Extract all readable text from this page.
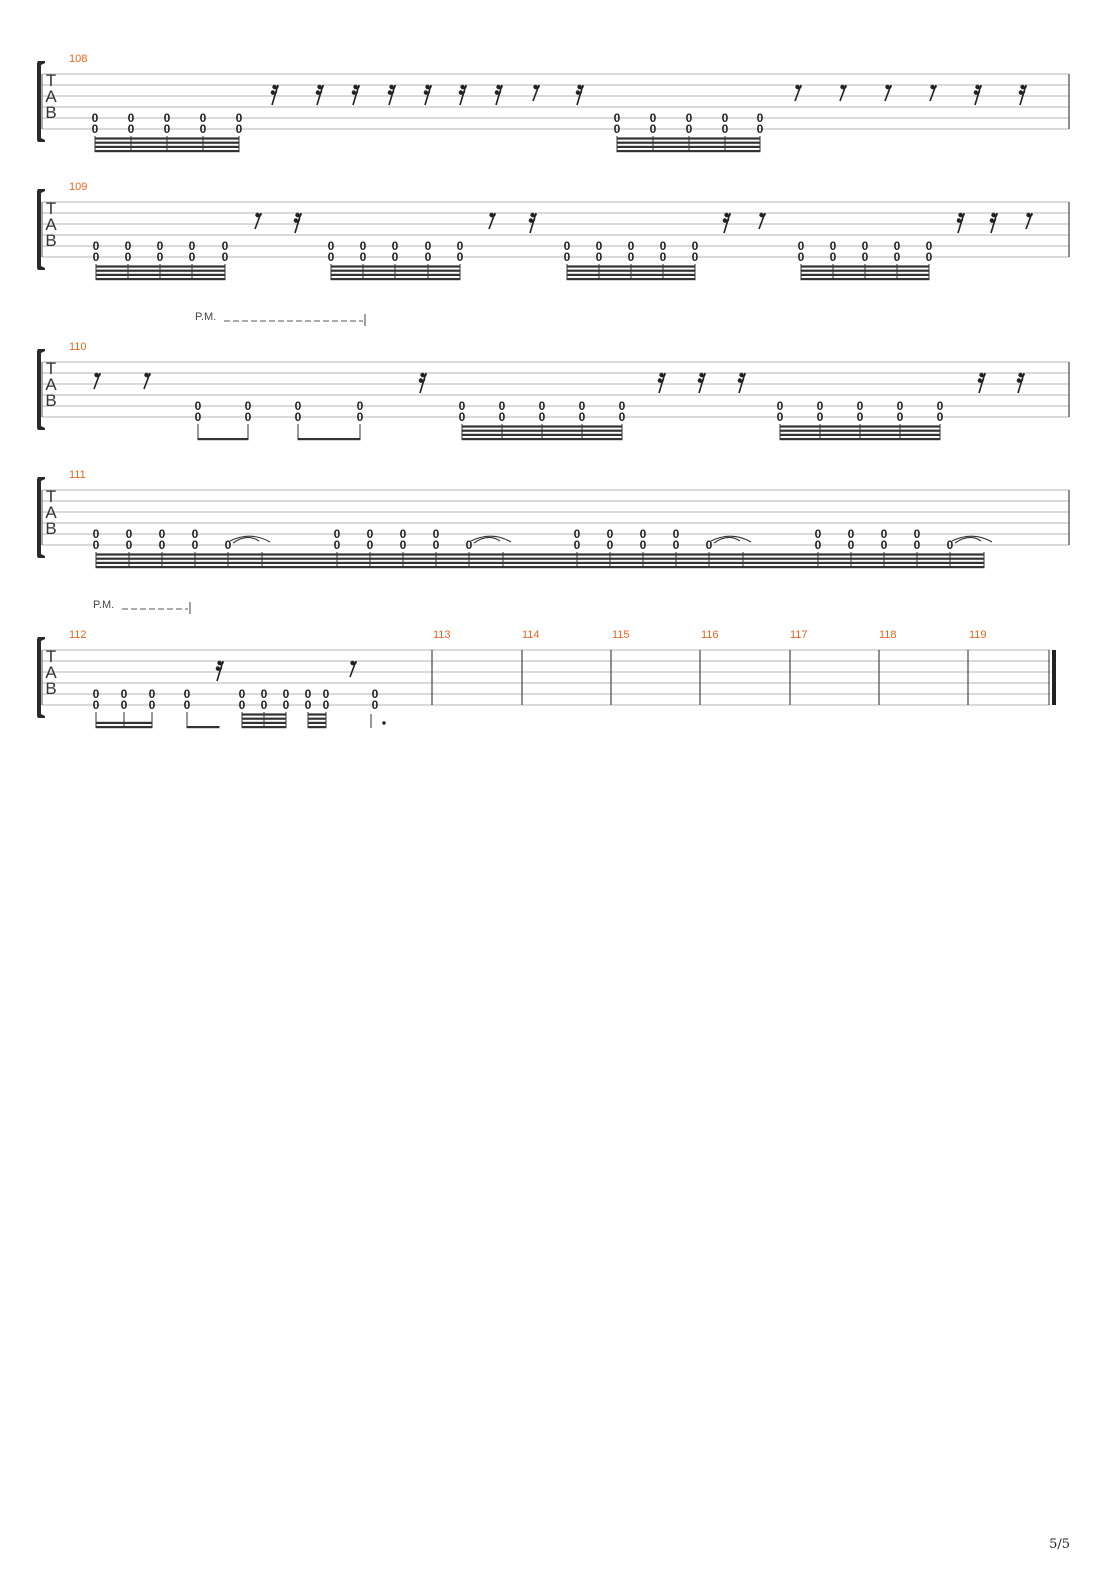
T
A
B
108
0
0
0
0
0
0
0
0
0
0
0
0
0
0
0
0
0
0
0
0
T
A
B
109
0
0
0
0
0
0
0
0
0
0
0
0
0
0
0
0
0
0
0
0
0
0
0
0
0
0
0
0
0
0
0
0
0
0
0
0
0
0
0
0
T
A
B
110
P.M.
0
0
0
0
0
0
0
0
0
0
0
0
0
0
0
0
0
0
0
0
0
0
0
0
0
0
0
0
T
A
B
111
0
0
0
0
0
0
0
0 0
0
0
0
0
0
0
0
0 0
0
0
0
0
0
0
0
0 0
0
0
0
0
0
0
0
0 0
T
A
B
112	113	114	115	116	117	118	119
P.M.
0
0
0
0
0
0
0
0
0
0
0
0
0
0
0
0
0
0
0
0
5/5
